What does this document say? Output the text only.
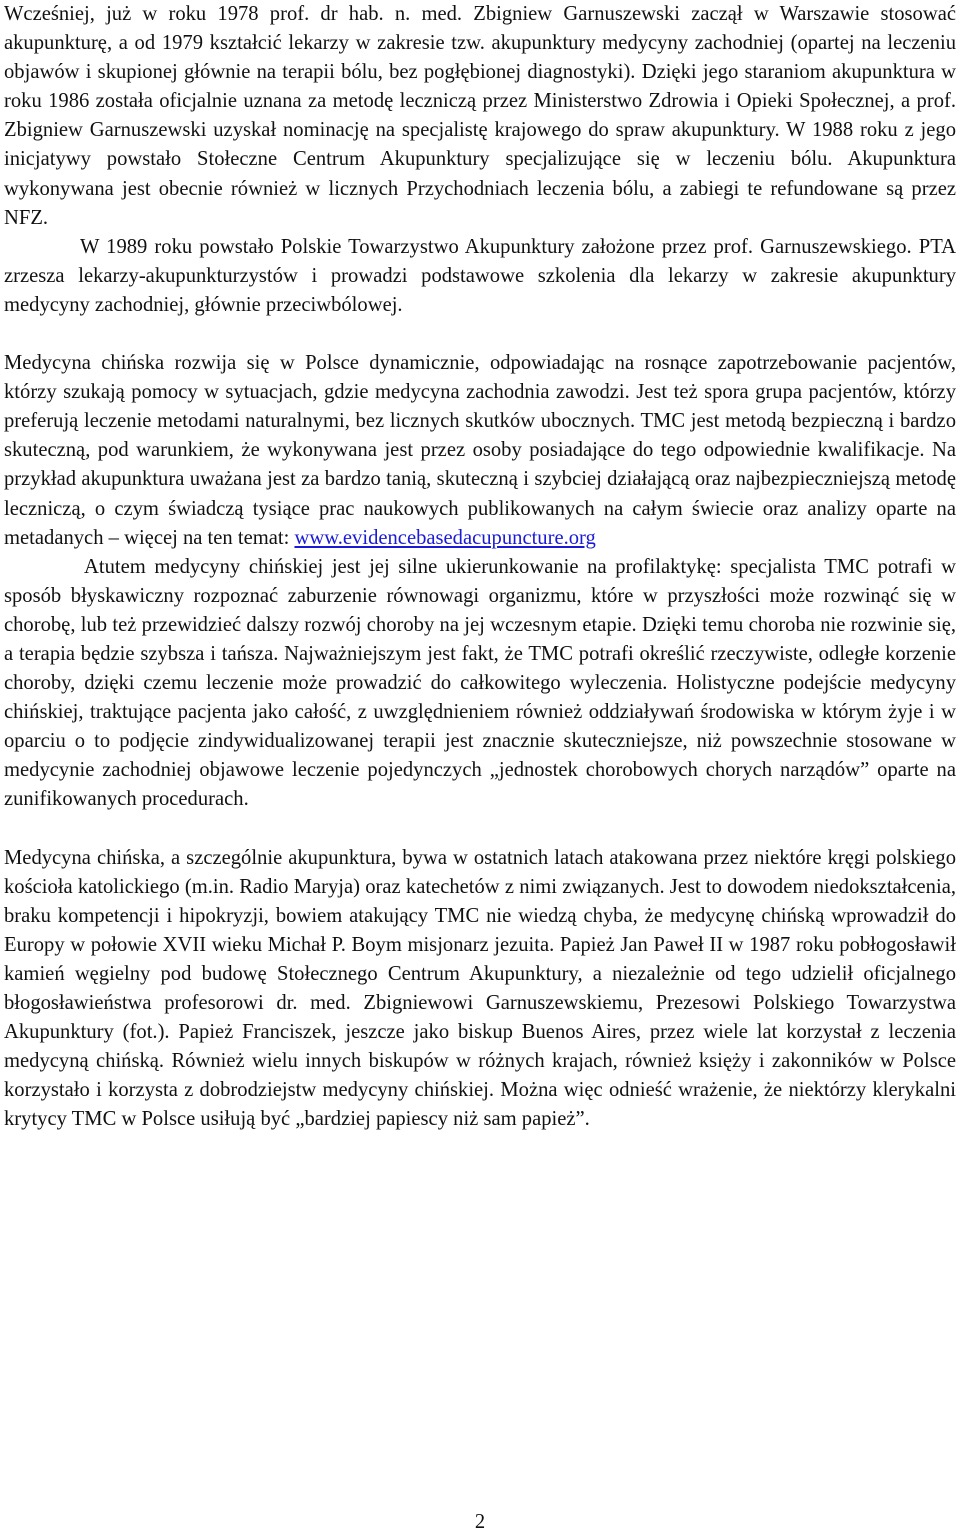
Wcześniej, już w roku 1978 prof. dr hab. n. med. Zbigniew Garnuszewski zaczął w Warszawie stosować akupunkturę, a od 1979 kształcić lekarzy w zakresie tzw. akupunktury medycyny zachodniej (opartej na leczeniu objawów i skupionej głównie na terapii bólu, bez pogłębionej diagnostyki). Dzięki jego staraniom akupunktura w roku 1986 została oficjalnie uznana za metodę leczniczą przez Ministerstwo Zdrowia i Opieki Społecznej, a prof. Zbigniew Garnuszewski uzyskał nominację na specjalistę krajowego do spraw akupunktury. W 1988 roku z jego inicjatywy powstało Stołeczne Centrum Akupunktury specjalizujące się w leczeniu bólu. Akupunktura wykonywana jest obecnie również w licznych Przychodniach leczenia bólu, a zabiegi te refundowane są przez NFZ.

W 1989 roku powstało Polskie Towarzystwo Akupunktury założone przez prof. Garnuszewskiego. PTA zrzesza lekarzy-akupunkturzystów i prowadzi podstawowe szkolenia dla lekarzy w zakresie akupunktury medycyny zachodniej, głównie przeciwbólowej.

Medycyna chińska rozwija się w Polsce dynamicznie, odpowiadając na rosnące zapotrzebowanie pacjentów, którzy szukają pomocy w sytuacjach, gdzie medycyna zachodnia zawodzi. Jest też spora grupa pacjentów, którzy preferują leczenie metodami naturalnymi, bez licznych skutków ubocznych. TMC jest metodą bezpieczną i bardzo skuteczną, pod warunkiem, że wykonywana jest przez osoby posiadające do tego odpowiednie kwalifikacje. Na przykład akupunktura uważana jest za bardzo tanią, skuteczną i szybciej działającą oraz najbezpieczniejszą metodę leczniczą, o czym świadczą tysiące prac naukowych publikowanych na całym świecie oraz analizy oparte na metadanych – więcej na ten temat: www.evidencebasedacupuncture.org

Atutem medycyny chińskiej jest jej silne ukierunkowanie na profilaktykę: specjalista TMC potrafi w sposób błyskawiczny rozpoznać zaburzenie równowagi organizmu, które w przyszłości może rozwinąć się w chorobę, lub też przewidzieć dalszy rozwój choroby na jej wczesnym etapie. Dzięki temu choroba nie rozwinie się, a terapia będzie szybsza i tańsza. Najważniejszym jest fakt, że TMC potrafi określić rzeczywiste, odległe korzenie choroby, dzięki czemu leczenie może prowadzić do całkowitego wyleczenia. Holistyczne podejście medycyny chińskiej, traktujące pacjenta jako całość, z uwzględnieniem również oddziaływań środowiska w którym żyje i w oparciu o to podjęcie zindywidualizowanej terapii jest znacznie skuteczniejsze, niż powszechnie stosowane w medycynie zachodniej objawowe leczenie pojedynczych „jednostek chorobowych chorych narządów” oparte na zunifikowanych procedurach.

Medycyna chińska, a szczególnie akupunktura, bywa w ostatnich latach atakowana przez niektóre kręgi polskiego kościoła katolickiego (m.in. Radio Maryja) oraz katechetów z nimi związanych. Jest to dowodem niedokształcenia, braku kompetencji i hipokryzji, bowiem atakujący TMC nie wiedzą chyba, że medycynę chińską wprowadził do Europy w połowie XVII wieku Michał P. Boym misjonarz jezuita. Papież Jan Paweł II w 1987 roku pobłogosławił kamień węgielny pod budowę Stołecznego Centrum Akupunktury, a niezależnie od tego udzielił oficjalnego błogosławieństwa profesorowi dr. med. Zbigniewowi Garnuszewskiemu, Prezesowi Polskiego Towarzystwa Akupunktury (fot.). Papież Franciszek, jeszcze jako biskup Buenos Aires, przez wiele lat korzystał z leczenia medycyną chińską. Również wielu innych biskupów w różnych krajach, również księży i zakonników w Polsce korzystało i korzysta z dobrodziejstw medycyny chińskiej. Można więc odnieść wrażenie, że niektórzy klerykalni krytycy TMC w Polsce usiłują być „bardziej papiescy niż sam papież”.

2
